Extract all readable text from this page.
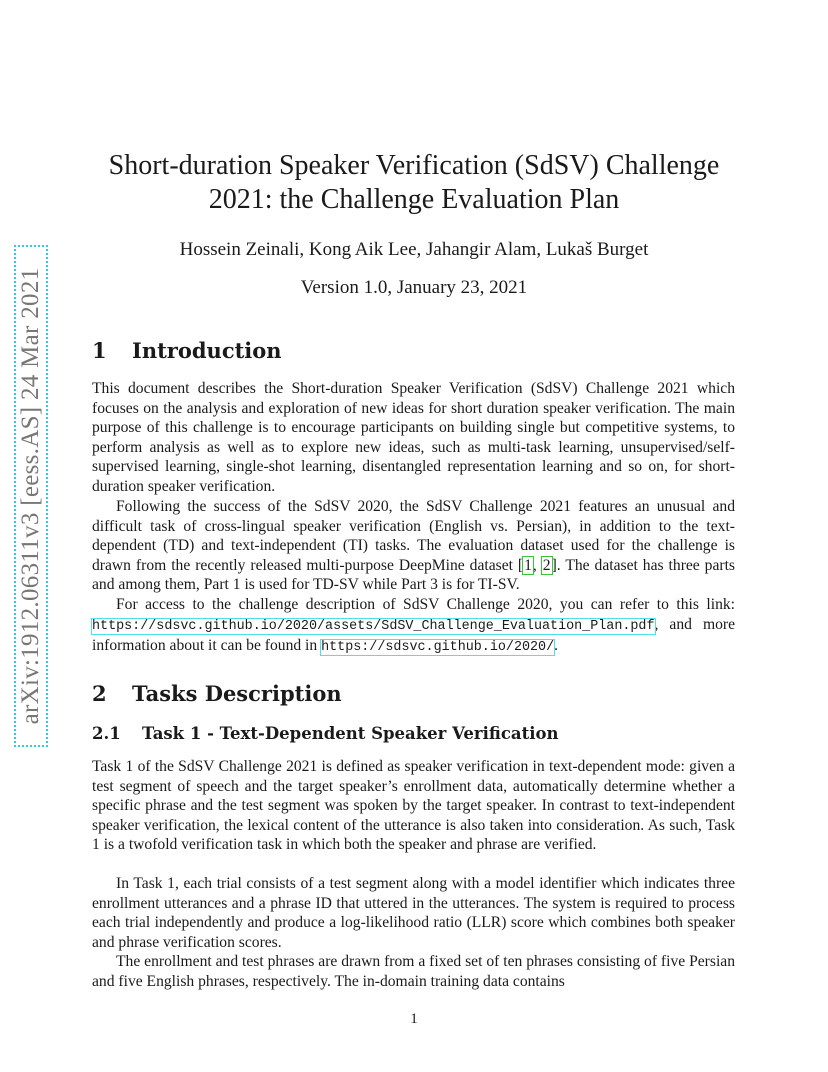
arXiv:1912.06311v3 [eess.AS] 24 Mar 2021
Short-duration Speaker Verification (SdSV) Challenge
2021: the Challenge Evaluation Plan
Hossein Zeinali, Kong Aik Lee, Jahangir Alam, Lukaš Burget
Version 1.0, January 23, 2021
1 Introduction
This document describes the Short-duration Speaker Verification (SdSV) Challenge 2021 which focuses on the analysis and exploration of new ideas for short duration speaker verification. The main purpose of this challenge is to encourage participants on building single but competitive systems, to perform analysis as well as to explore new ideas, such as multi-task learning, unsupervised/self-supervised learning, single-shot learning, disentangled representation learning and so on, for short-duration speaker verification.
Following the success of the SdSV 2020, the SdSV Challenge 2021 features an unusual and difficult task of cross-lingual speaker verification (English vs. Persian), in addition to the text-dependent (TD) and text-independent (TI) tasks. The evaluation dataset used for the challenge is drawn from the recently released multi-purpose DeepMine dataset [1, 2]. The dataset has three parts and among them, Part 1 is used for TD-SV while Part 3 is for TI-SV.
For access to the challenge description of SdSV Challenge 2020, you can refer to this link: https://sdsvc.github.io/2020/assets/SdSV_Challenge_Evaluation_Plan.pdf, and more information about it can be found in https://sdsvc.github.io/2020/.
2 Tasks Description
2.1 Task 1 - Text-Dependent Speaker Verification
Task 1 of the SdSV Challenge 2021 is defined as speaker verification in text-dependent mode: given a test segment of speech and the target speaker’s enrollment data, automatically determine whether a specific phrase and the test segment was spoken by the target speaker. In contrast to text-independent speaker verification, the lexical content of the utterance is also taken into consideration. As such, Task 1 is a twofold verification task in which both the speaker and phrase are verified.
In Task 1, each trial consists of a test segment along with a model identifier which indicates three enrollment utterances and a phrase ID that uttered in the utterances. The system is required to process each trial independently and produce a log-likelihood ratio (LLR) score which combines both speaker and phrase verification scores.
The enrollment and test phrases are drawn from a fixed set of ten phrases consisting of five Persian and five English phrases, respectively. The in-domain training data contains
1
